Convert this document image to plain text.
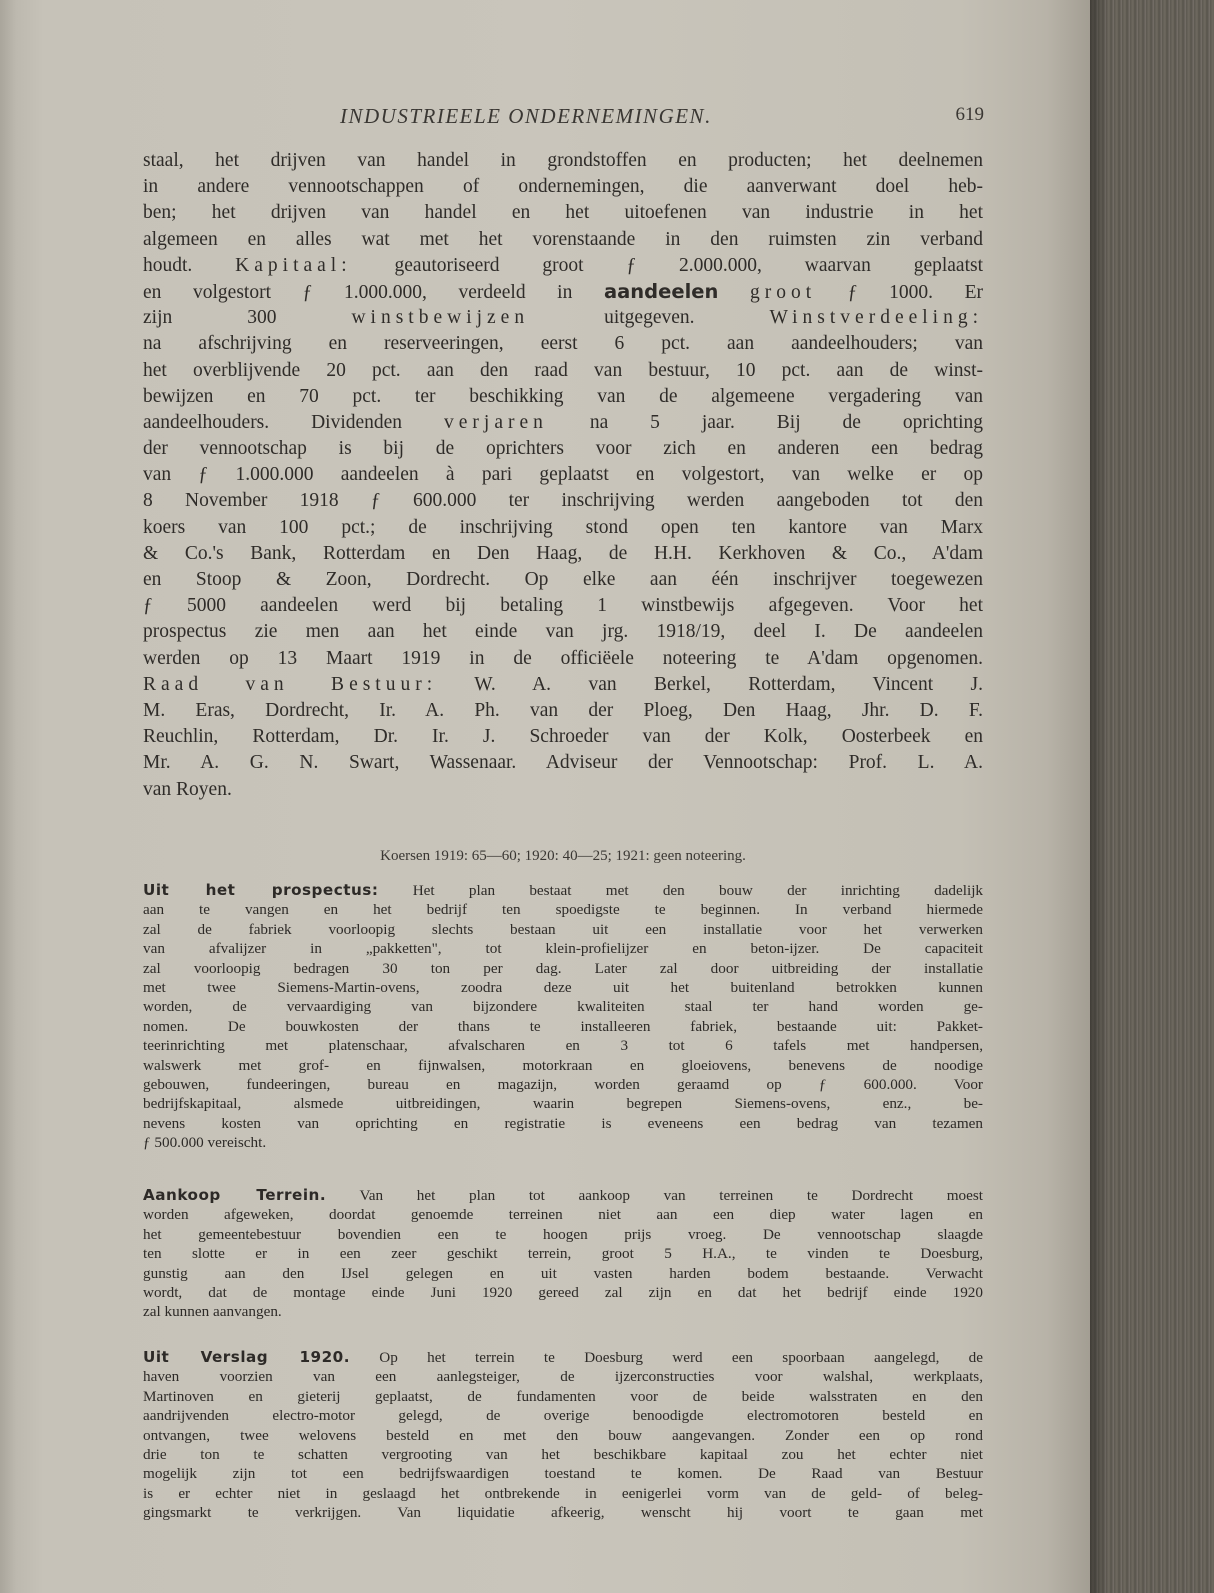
INDUSTRIEELE ONDERNEMINGEN.	619
staal, het drijven van handel in grondstoffen en producten; het deelnemen
in andere vennootschappen of ondernemingen, die aanverwant doel heb-
ben; het drijven van handel en het uitoefenen van industrie in het
algemeen en alles wat met het vorenstaande in den ruimsten zin verband
houdt. Kapitaal: geautoriseerd groot ƒ 2.000.000, waarvan geplaatst
en volgestort ƒ 1.000.000, verdeeld in aandeelen groot ƒ 1000. Er
zijn 300	winstbewijzen	uitgegeven.	Winstverdeeling:
na afschrijving en reserveeringen, eerst 6 pct. aan aandeelhouders; van
het overblijvende 20 pct. aan den raad van bestuur, 10 pct. aan de winst-
bewijzen en 70 pct. ter beschikking van de algemeene vergadering van
aandeelhouders. Dividenden verjaren na 5 jaar. Bij de oprichting
der vennootschap is bij de oprichters voor zich en anderen een bedrag
van ƒ 1.000.000 aandeelen à pari geplaatst en volgestort, van welke er op
8 November 1918 ƒ 600.000 ter inschrijving werden aangeboden tot den
koers van 100 pct.; de inschrijving stond open ten kantore van Marx
& Co.'s Bank, Rotterdam en Den Haag, de H.H. Kerkhoven & Co., A'dam
en Stoop & Zoon, Dordrecht. Op elke aan één inschrijver toegewezen
ƒ 5000 aandeelen werd bij betaling 1 winstbewijs afgegeven. Voor het
prospectus zie men aan het einde van jrg. 1918/19, deel I. De aandeelen
werden op 13 Maart 1919 in de officiëele noteering te A'dam opgenomen.
Raad van Bestuur: W. A. van Berkel, Rotterdam, Vincent J.
M. Eras, Dordrecht, Ir. A. Ph. van der Ploeg, Den Haag, Jhr. D. F.
Reuchlin, Rotterdam, Dr. Ir. J. Schroeder van der Kolk, Oosterbeek en
Mr. A. G. N. Swart, Wassenaar. Adviseur der Vennootschap: Prof. L. A.
van Royen.
Koersen 1919: 65—60; 1920: 40—25; 1921: geen noteering.
Uit het prospectus: Het plan bestaat met den bouw der inrichting dadelijk
aan te vangen en het bedrijf ten spoedigste te beginnen. In verband hiermede
zal de fabriek voorloopig slechts bestaan uit een installatie voor het verwerken
van afvalijzer in „pakketten", tot klein-profielijzer en beton-ijzer. De capaciteit
zal voorloopig bedragen 30 ton per dag. Later zal door uitbreiding der installatie
met twee Siemens-Martin-ovens, zoodra deze uit het buitenland betrokken kunnen
worden, de vervaardiging van bijzondere kwaliteiten staal ter hand worden ge-
nomen. De bouwkosten der thans te installeeren fabriek, bestaande uit: Pakket-
teerinrichting met platenschaar, afvalscharen en 3 tot 6 tafels met handpersen,
walswerk met grof- en fijnwalsen, motorkraan en gloeiovens, benevens de noodige
gebouwen, fundeeringen, bureau en magazijn, worden geraamd op ƒ 600.000. Voor
bedrijfskapitaal, alsmede uitbreidingen, waarin begrepen Siemens-ovens, enz., be-
nevens kosten van oprichting en registratie is eveneens een bedrag van tezamen
ƒ 500.000 vereischt.
Aankoop Terrein. Van het plan tot aankoop van terreinen te Dordrecht moest
worden afgeweken, doordat genoemde terreinen niet aan een diep water lagen en
het gemeentebestuur bovendien een te hoogen prijs vroeg. De vennootschap slaagde
ten slotte er in een zeer geschikt terrein, groot 5 H.A., te vinden te Doesburg,
gunstig aan den IJsel gelegen en uit vasten harden bodem bestaande. Verwacht
wordt, dat de montage einde Juni 1920 gereed zal zijn en dat het bedrijf einde 1920
zal kunnen aanvangen.
Uit Verslag 1920. Op het terrein te Doesburg werd een spoorbaan aangelegd, de
haven voorzien van een aanlegsteiger, de ijzerconstructies voor walshal, werkplaats,
Martinoven en gieterij geplaatst, de fundamenten voor de beide walsstraten en den
aandrijvenden electro-motor gelegd, de overige benoodigde electromotoren besteld en
ontvangen, twee welovens besteld en met den bouw aangevangen. Zonder een op rond
drie ton te schatten vergrooting van het beschikbare kapitaal zou het echter niet
mogelijk zijn tot een bedrijfswaardigen toestand te komen. De Raad van Bestuur
is er echter niet in geslaagd het ontbrekende in eenigerlei vorm van de geld- of beleg-
gingsmarkt te verkrijgen. Van liquidatie afkeerig, wenscht hij voort te gaan met
